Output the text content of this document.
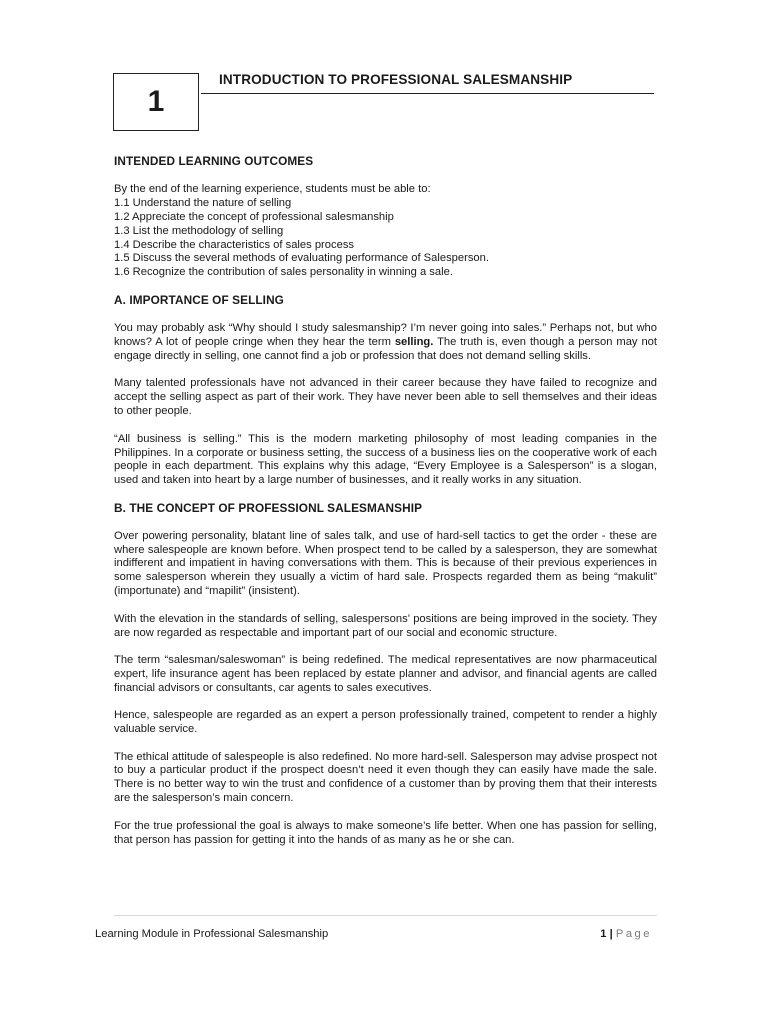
1
INTRODUCTION TO PROFESSIONAL SALESMANSHIP
INTENDED LEARNING OUTCOMES
By the end of the learning experience, students must be able to:
1.1 Understand the nature of selling
1.2 Appreciate the concept of professional salesmanship
1.3 List the methodology of selling
1.4 Describe the characteristics of sales process
1.5 Discuss the several methods of evaluating performance of Salesperson.
1.6 Recognize the contribution of sales personality in winning a sale.
A. IMPORTANCE OF SELLING

You may probably ask “Why should I study salesmanship? I’m never going into sales.” Perhaps not, but who knows? A lot of people cringe when they hear the term selling. The truth is, even though a person may not engage directly in selling, one cannot find a job or profession that does not demand selling skills.

Many talented professionals have not advanced in their career because they have failed to recognize and accept the selling aspect as part of their work. They have never been able to sell themselves and their ideas to other people.

“All business is selling.” This is the modern marketing philosophy of most leading companies in the Philippines. In a corporate or business setting, the success of a business lies on the cooperative work of each people in each department. This explains why this adage, “Every Employee is a Salesperson” is a slogan, used and taken into heart by a large number of businesses, and it really works in any situation.

B. THE CONCEPT OF PROFESSIONL SALESMANSHIP

Over powering personality, blatant line of sales talk, and use of hard-sell tactics to get the order - these are where salespeople are known before. When prospect tend to be called by a salesperson, they are somewhat indifferent and impatient in having conversations with them. This is because of their previous experiences in some salesperson wherein they usually a victim of hard sale. Prospects regarded them as being “makulit” (importunate) and “mapilit” (insistent).

With the elevation in the standards of selling, salespersons’ positions are being improved in the society. They are now regarded as respectable and important part of our social and economic structure.

The term “salesman/saleswoman” is being redefined. The medical representatives are now pharmaceutical expert, life insurance agent has been replaced by estate planner and advisor, and financial agents are called financial advisors or consultants, car agents to sales executives.

Hence, salespeople are regarded as an expert a person professionally trained, competent to render a highly valuable service.

The ethical attitude of salespeople is also redefined. No more hard-sell. Salesperson may advise prospect not to buy a particular product if the prospect doesn’t need it even though they can easily have made the sale. There is no better way to win the trust and confidence of a customer than by proving them that their interests are the salesperson’s main concern.

For the true professional the goal is always to make someone’s life better. When one has passion for selling, that person has passion for getting it into the hands of as many as he or she can.

Learning Module in Professional Salesmanship	1 | Page
